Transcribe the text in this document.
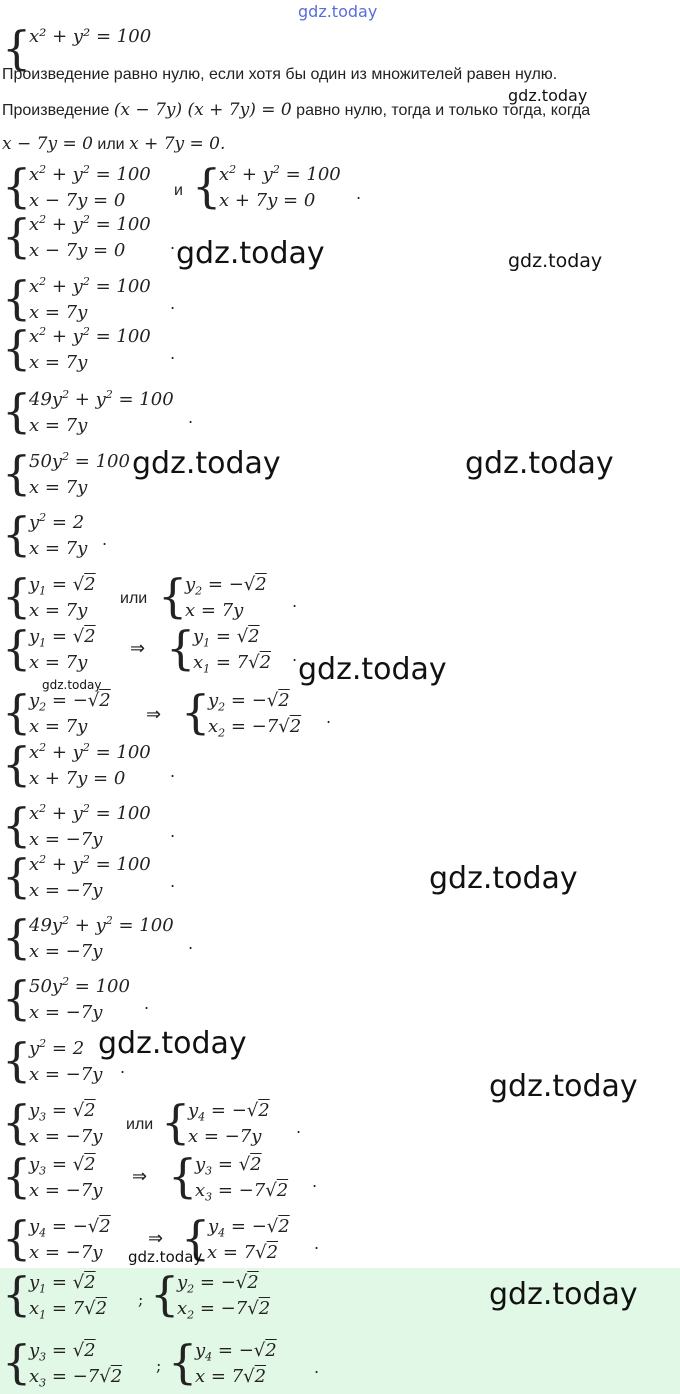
gdz.today
{
x² + y² = 100
Произведение равно нулю, если хотя бы один из множителей равен нулю.
Произведение (x − 7y) (x + 7y) = 0 равно нулю, тогда и только тогда, когда
gdz.today
x − 7y = 0 или x + 7y = 0.
{
$x^2 + y^2 = 100$
x − 7y = 0	и {
$x^2 + y^2 = 100$
x + 7y = 0	.
{
$x^2 + y^2 = 100$
x − 7y = 0	. gdz.today	gdz.today
{
$x^2 + y^2 = 100$
x = 7y	.
{
$x^2 + y^2 = 100$
x = 7y	.
{
$49y^2 + y^2 = 100$
x = 7y	.
{
$50y^2 = 100$
x = 7y
gdz.today	gdz.today
{
$y^2 = 2$
x = 7y .
{
$y_1 = √2$
x = 7y
или {
$y_2 = -√2$
x = 7y	.
{
$y_1 = √2$
x = 7y
⇒ {
$y_1 = √2$
$x_1 = 7√2$ . gdz.today
gdz.today
{
$y_2 = -√2$
x = 7y
⇒ {
$y_2 = -√2$
$x_2 = -7√2$ .
{
$x^2 + y^2 = 100$
x + 7y = 0	.
{
$x^2 + y^2 = 100$
x = −7y	.
{
$x^2 + y^2 = 100$
x = −7y	.	gdz.today
{
$49y^2 + y^2 = 100$
x = −7y	.
{
$50y^2 = 100$
x = −7y	.
{
$y^2 = 2$
x = −7y .
gdz.today
gdz.today
{
$y_3 = √2$
x = −7y
или {
$y_4 = -√2$
x = −7y .
{
$y_3 = √2$
x = −7y
⇒ {
$y_3 = √2$
$x_3 = -7√2$ .
{
$y_4 = -√2$
x = −7y
⇒ {
$y_4 = -√2$
x = 7√2 .
gdz.today
{
$y_1 = √2$
$x_1 = 7√2$ ; {
$y_2 = -√2$
$x_2 = -7√2$	gdz.today
{
$y_3 = √2$
$x_3 = -7√2$
; {
$y_4 = -√2$
x = 7√2	.
